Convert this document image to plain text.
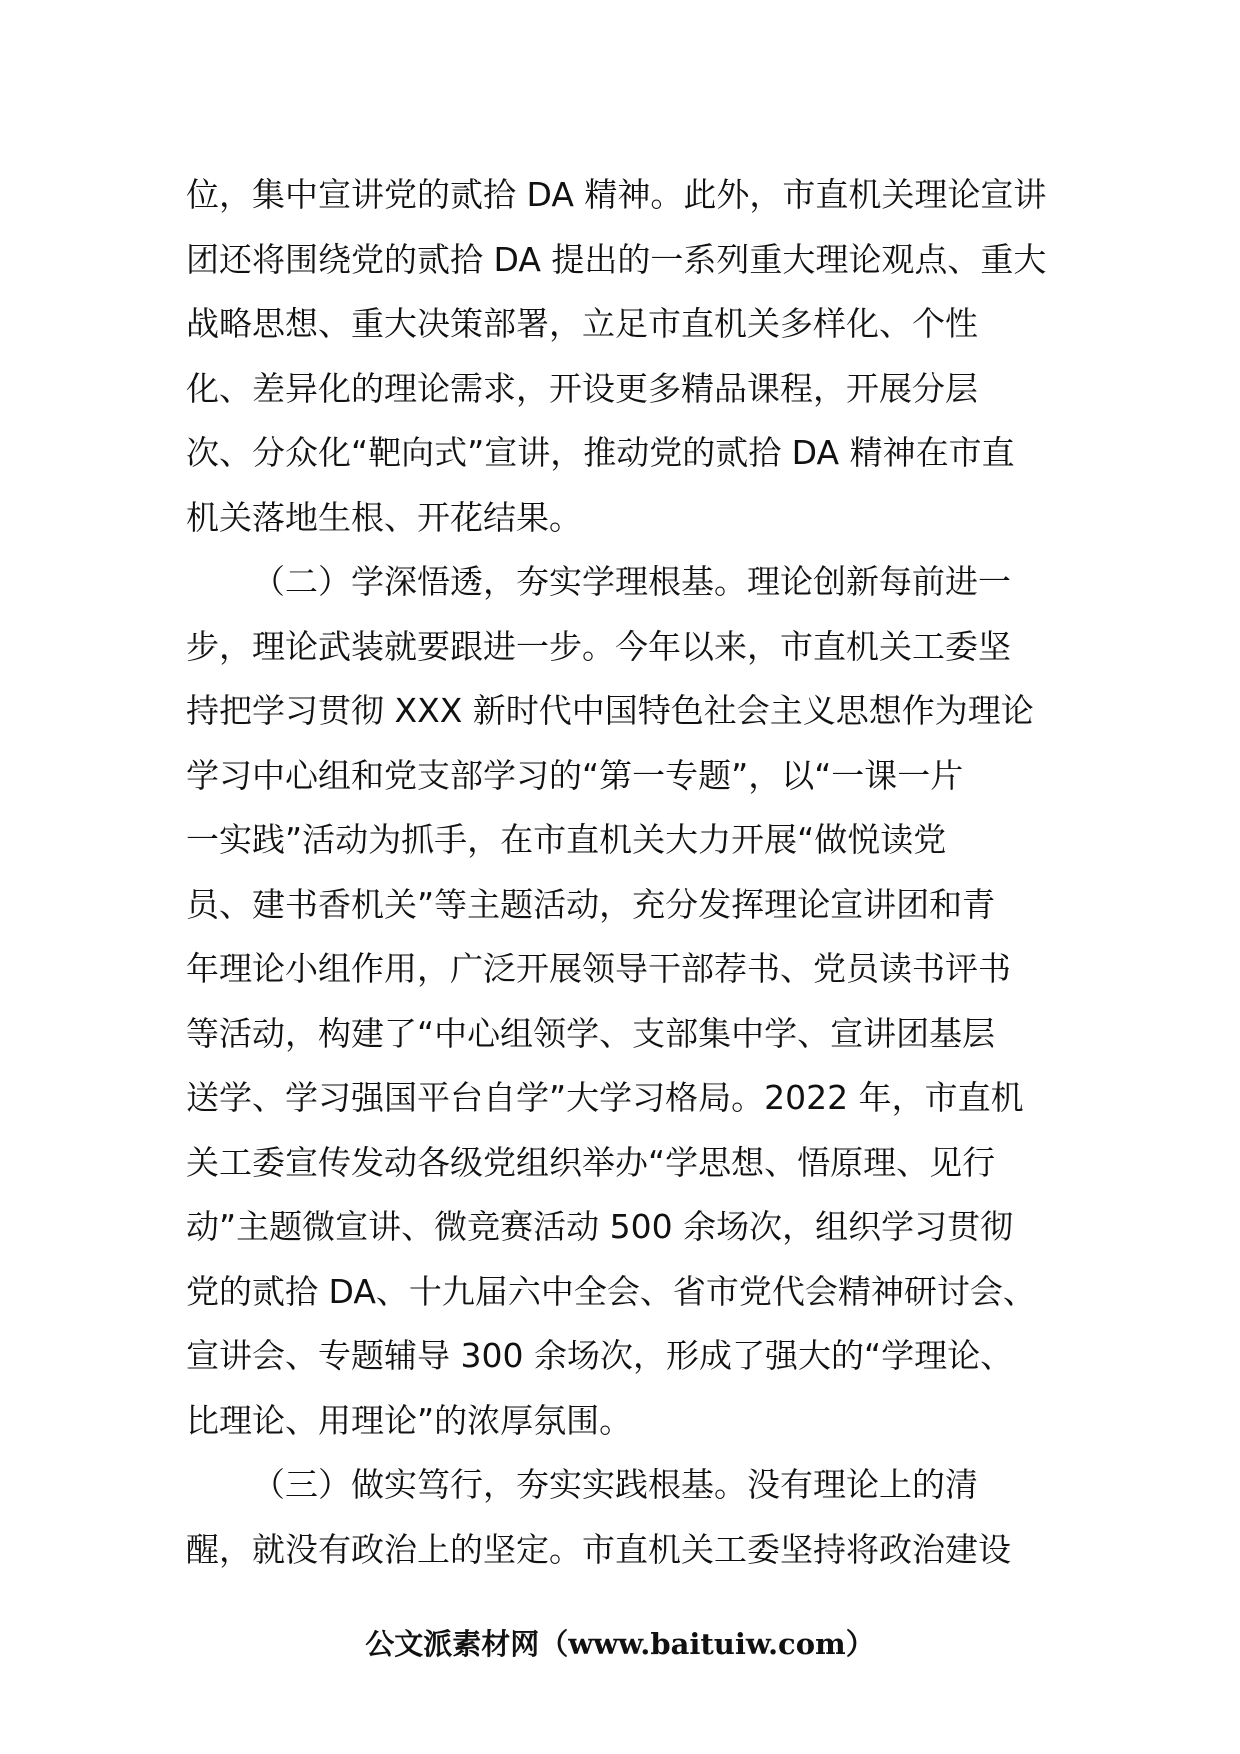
位，集中宣讲党的贰拾 DA 精神。此外，市直机关理论宣讲
团还将围绕党的贰拾 DA 提出的一系列重大理论观点、重大
战略思想、重大决策部署，立足市直机关多样化、个性
化、差异化的理论需求，开设更多精品课程，开展分层
次、分众化“靶向式”宣讲，推动党的贰拾 DA 精神在市直
机关落地生根、开花结果。
（二）学深悟透，夯实学理根基。理论创新每前进一
步，理论武装就要跟进一步。今年以来，市直机关工委坚
持把学习贯彻 XXX 新时代中国特色社会主义思想作为理论
学习中心组和党支部学习的“第一专题”，以“一课一片
一实践”活动为抓手，在市直机关大力开展“做悦读党
员、建书香机关”等主题活动，充分发挥理论宣讲团和青
年理论小组作用，广泛开展领导干部荐书、党员读书评书
等活动，构建了“中心组领学、支部集中学、宣讲团基层
送学、学习强国平台自学”大学习格局。2022 年，市直机
关工委宣传发动各级党组织举办“学思想、悟原理、见行
动”主题微宣讲、微竞赛活动 500 余场次，组织学习贯彻
党的贰拾 DA、十九届六中全会、省市党代会精神研讨会、
宣讲会、专题辅导 300 余场次，形成了强大的“学理论、
比理论、用理论”的浓厚氛围。
（三）做实笃行，夯实实践根基。没有理论上的清
醒，就没有政治上的坚定。市直机关工委坚持将政治建设
公文派素材网（www.baituiw.com）
